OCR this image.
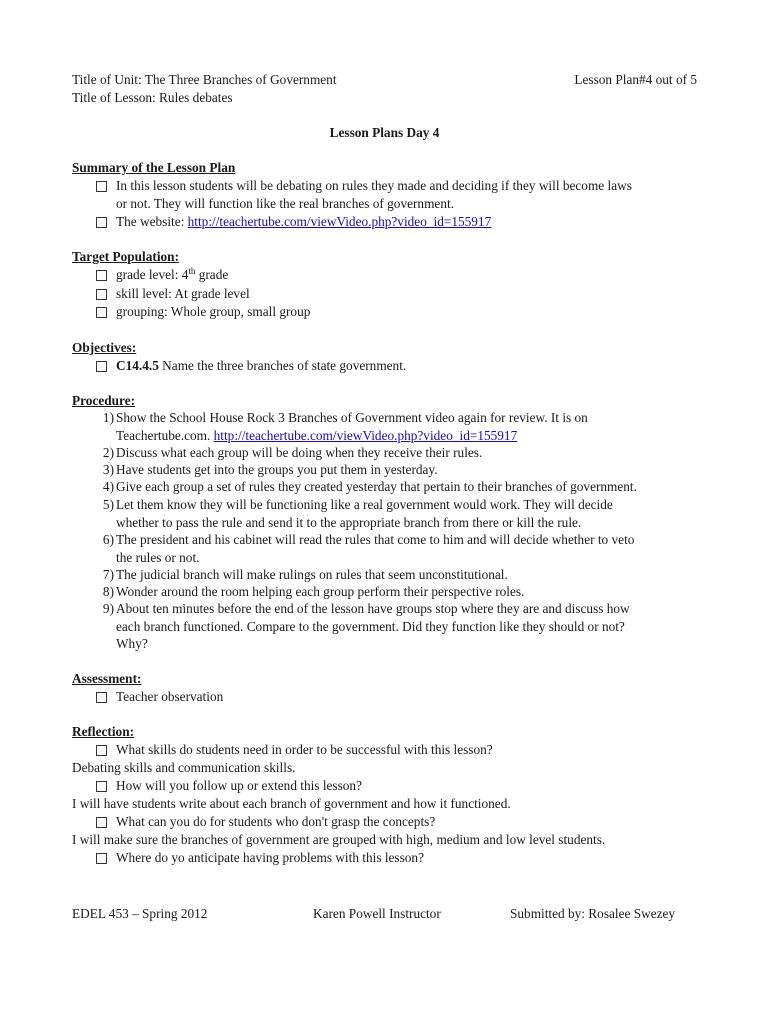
Title of Unit: The Three Branches of Government	Lesson Plan#4 out of 5
Title of Lesson: Rules debates
Lesson Plans Day 4
Summary of the Lesson Plan
In this lesson students will be debating on rules they made and deciding if they will become laws
or not. They will function like the real branches of government.
The website: http://teachertube.com/viewVideo.php?video_id=155917
Target Population:
grade level: 4th grade
skill level: At grade level
grouping: Whole group, small group
Objectives:
C14.4.5 Name the three branches of state government.
Procedure:
1) Show the School House Rock 3 Branches of Government video again for review. It is on
Teachertube.com. http://teachertube.com/viewVideo.php?video_id=155917
2) Discuss what each group will be doing when they receive their rules.
3) Have students get into the groups you put them in yesterday.
4) Give each group a set of rules they created yesterday that pertain to their branches of government.
5) Let them know they will be functioning like a real government would work. They will decide
whether to pass the rule and send it to the appropriate branch from there or kill the rule.
6) The president and his cabinet will read the rules that come to him and will decide whether to veto
the rules or not.
7) The judicial branch will make rulings on rules that seem unconstitutional.
8) Wonder around the room helping each group perform their perspective roles.
9) About ten minutes before the end of the lesson have groups stop where they are and discuss how
each branch functioned. Compare to the government. Did they function like they should or not?
Why?
Assessment:
Teacher observation
Reflection:
What skills do students need in order to be successful with this lesson?
Debating skills and communication skills.
How will you follow up or extend this lesson?
I will have students write about each branch of government and how it functioned.
What can you do for students who don't grasp the concepts?
I will make sure the branches of government are grouped with high, medium and low level students.
Where do yo anticipate having problems with this lesson?
EDEL 453 – Spring 2012	Karen Powell Instructor	Submitted by: Rosalee Swezey
